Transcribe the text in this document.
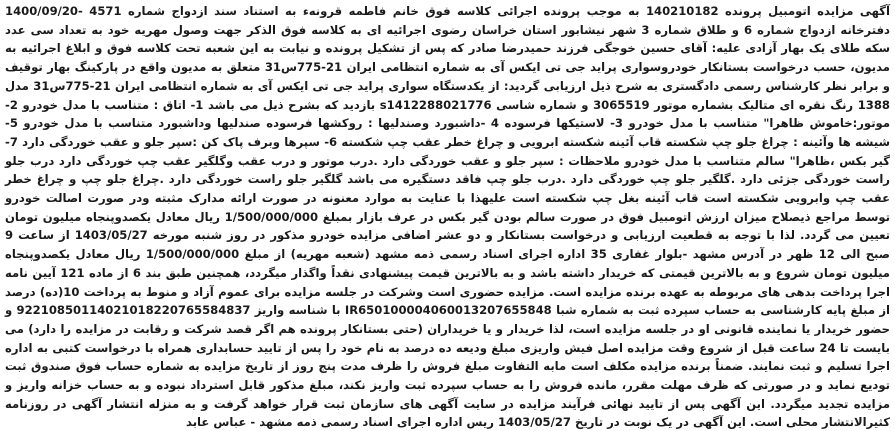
آگهی مزایده اتومبیل پرونده 140210182 به موجب پرونده اجرائی کلاسه فوق خانم فاطمه قرونهء به استناد سند ازدواج شماره 4571 -1400/09/20 دفترخانه ازدواج شماره 6 و طلاق شماره 3 شهر نیشابور استان خراسان رضوی اجرائیه ای به کلاسه فوق الذکر جهت وصول مهریه خود به تعداد سی عدد سکه طلای یک بهار آزادی علیه: آقای حسین خوجگی فرزند حمیدرضا صادر که پس از تشکیل پرونده و نیابت به این شعبه تحت کلاسه فوق و ابلاغ اجرائیه به مدیون، حسب درخواست بستانکار خودروسواری پراید جی تی ایکس آی به شماره انتظامی ایران 21-775س31 متعلق به مدیون واقع در پارکینگ بهار توقیف و برابر نظر کارشناس رسمی دادگستری به شرح ذیل ارزیابی گردید: از یکدستگاه سواری پراید جی تی ایکس آی به شماره انتظامی ایران 21-775س31 مدل 1388 رنگ نقره ای متالیک بشماره موتور 3065519 و شماره شاسی s1412288021776 بازدید که بشرح ذیل می باشد 1- اتاق : متناسب با مدل خودرو 2- موتور:خاموش ظاهرا" متناسب با مدل خودرو 3- لاستیکها فرسوده 4 -داشبورد وصندلیها : روکشها فرسوده صندلیها وداشبورد متناسب با مدل خودرو 5- شیشه ها وآئینه : چراغ جلو چپ شکسته قاب آئینه شکسته ابرویی و چراغ خطر عقب چپ شکسته 6- سپرها وبرف پاک کن :سپر جلو و عقب خوردگی دارد 7- گیر بکس ،ظاهرا" سالم متناسب با مدل خودرو ملاحظات : سپر جلو و عقب خوردگی دارد .درب موتور و درب عقب وگلگیر عقب چپ خوردگی دارد درب جلو راست خوردگی جزئی دارد .گلگیر جلو چپ خوردگی دارد .درب جلو چپ فاقد دستگیره می باشد گلگیر جلو راست خوردگی دارد .چراغ جلو چپ و چراغ خطر عقب چپ وابرویی شکسته است قاب آئینه بغل چپ شکسته است علیهذا با عنایت به موارد معنونه در صورت ارائه مدارک مثبته ودر صورت اصالت خودرو توسط مراجع ذیصلاح میزان ارزش اتومبیل فوق در صورت سالم بودن گیر بکس در عرف بازار بمبلغ 1/500/000/000 ریال معادل یکصدوپنجاه میلیون تومان تعیین می گردد. لذا با توجه به قطعیت ارزیابی و درخواست بستانکار و دو عشر اضافی مزایده خودرو مذکور در روز شنبه مورخه 1403/05/27 از ساعت 9 صبح الی 12 ظهر در آدرس مشهد -بلوار غفاری 35 اداره اجرای اسناد رسمی ذمه مشهد (شعبه مهریه) از مبلغ 1/500/000/000 ریال معادل یکصدوپنجاه میلیون تومان شروع و به بالاترین قیمتی که خریدار داشته باشد و به بالاترین قیمت پیشنهادی نقداً واگذار میگردد، همچنین طبق بند 6 از ماده 121 آیین نامه اجرا پرداخت بدهی های مربوطه به عهده برنده مزایده است. مزایده حضوری است وشرکت در جلسه مزایده برای عموم آزاد و منوط به پرداخت 10(ده) درصد از مبلغ پایه کارشناسی به حساب سپرده ثبت به شماره شبا IR650100004060013207655848 با شناسه واریز 922108501140210182207655848​37 و حضور خریدار یا نماینده قانونی او در جلسه مزایده است، لذا خریدار و یا خریداران (حتی بستانکار پرونده هم اگر قصد شرکت و رقابت در مزایده را دارد) می بایست تا 24 ساعت قبل از شروع وقت مزایده اصل فیش واریزی مبلغ ودیعه ده درصد به نام خود را پس از تایید حسابداری همراه با درخواست کتبی به اداره اجرا تسلیم و ثبت نمایند. ضمناً برنده مزایده مکلف است مابه التفاوت مبلغ فروش را ظرف مدت پنج روز از تاریخ مزایده به شماره حساب فوق صندوق ثبت تودیع نماید و در صورتی که ظرف مهلت مقرر، مانده فروش را به حساب سپرده ثبت واریز نکند، مبلغ مذکور قابل استرداد نبوده و به حساب خزانه واریز و مزایده تجدید میگردد. این آگهی پس از تایید نهائی فرآیند مزایده در سایت آگهی های سازمان ثبت قرار خواهد گرفت و به منزله انتشار آگهی در روزنامه کثیرالانتشار محلی است. این آگهی در یک نوبت در تاریخ 1403/05/27 ریس اداره اجرای اسناد رسمی ذمه مشهد - عباس عابد
